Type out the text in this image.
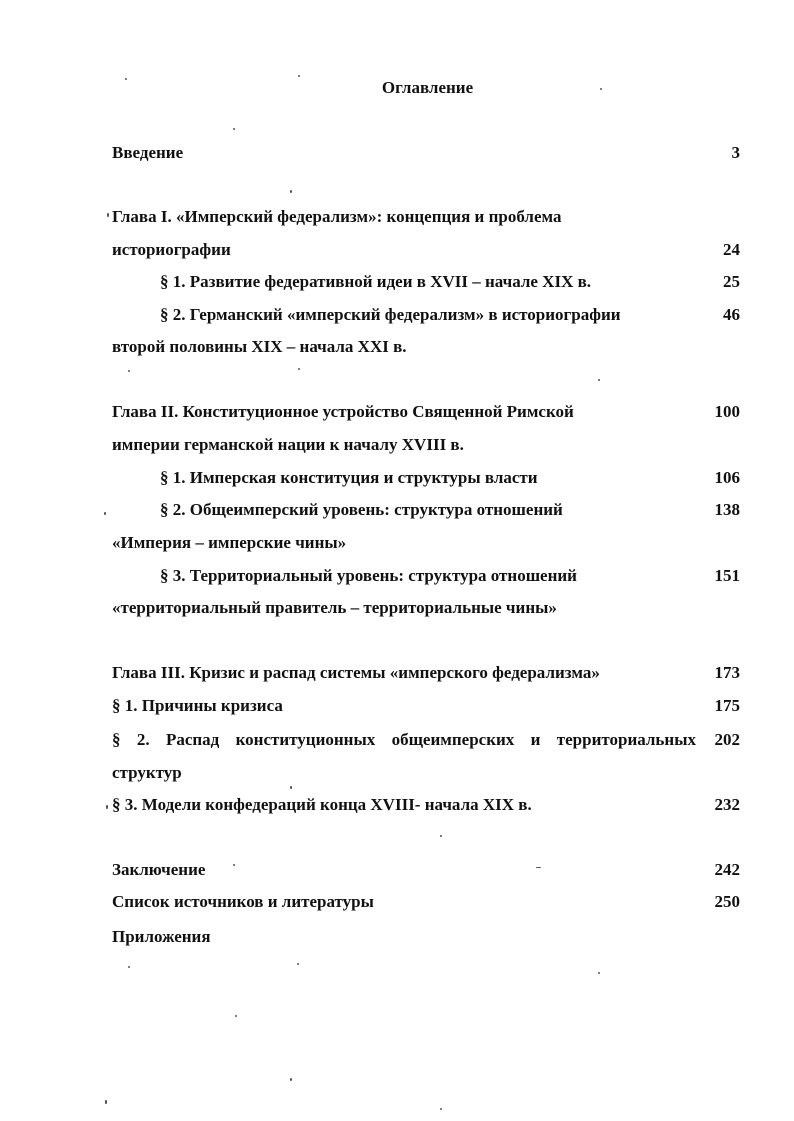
Оглавление
Введение	3
Глава I. «Имперский федерализм»: концепция и проблема
историографии	24
§ 1. Развитие федеративной идеи в XVII – начале XIX в.	25
§ 2. Германский «имперский федерализм» в историографии	46
второй половины XIX – начала XXI в.
Глава II. Конституционное устройство Священной Римской	100
империи германской нации к началу XVIII в.
§ 1. Имперская конституция и структуры власти	106
§ 2. Общеимперский уровень: структура отношений	138
«Империя – имперские чины»
§ 3. Территориальный уровень: структура отношений	151
«территориальный правитель – территориальные чины»
Глава III. Кризис и распад системы «имперского федерализма»	173
§ 1. Причины кризиса	175
§ 2. Распад конституционных общеимперских и территориальных	202
структур
§ 3. Модели конфедераций конца XVIII- начала XIX в.	232
Заключение	242
Список источников и литературы	250
Приложения
